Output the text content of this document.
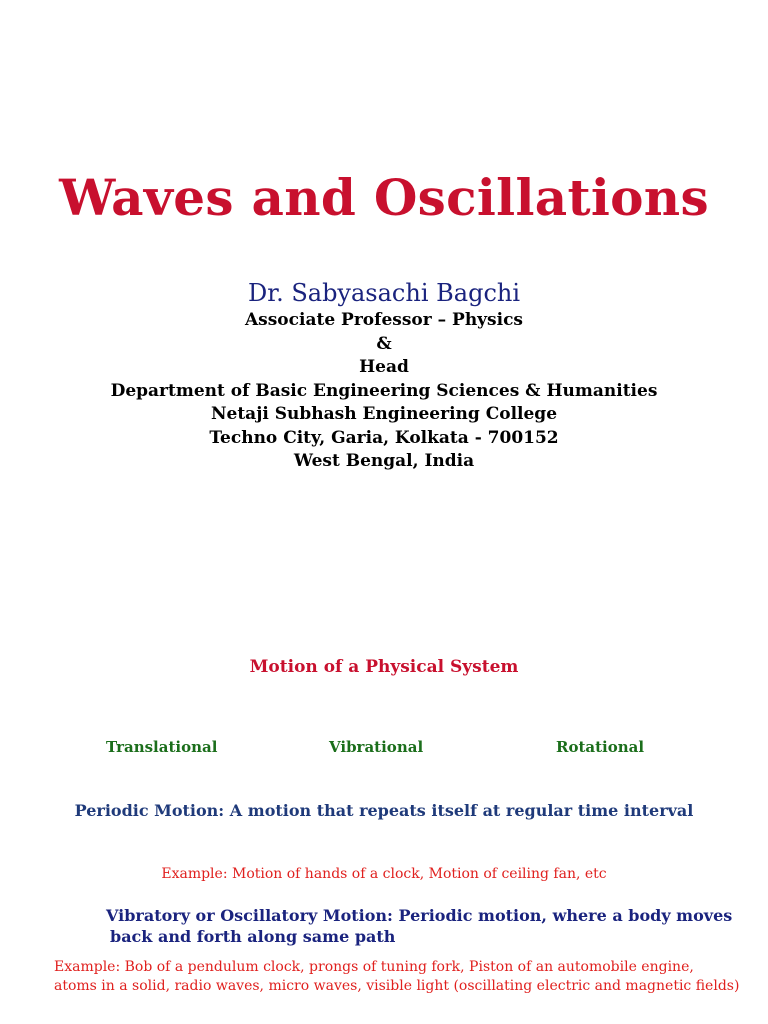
Waves and Oscillations
Dr. Sabyasachi Bagchi
Associate Professor – Physics
&
Head
Department of Basic Engineering Sciences & Humanities
Netaji Subhash Engineering College
Techno City, Garia, Kolkata - 700152
West Bengal, India
Motion of a Physical System
Translational	Vibrational	Rotational
Periodic Motion: A motion that repeats itself at regular time interval
Example: Motion of hands of a clock, Motion of ceiling fan, etc
Vibratory or Oscillatory Motion: Periodic motion, where a body moves
back and forth along same path
Example: Bob of a pendulum clock, prongs of tuning fork, Piston of an automobile engine,
atoms in a solid, radio waves, micro waves, visible light (oscillating electric and magnetic fields)
